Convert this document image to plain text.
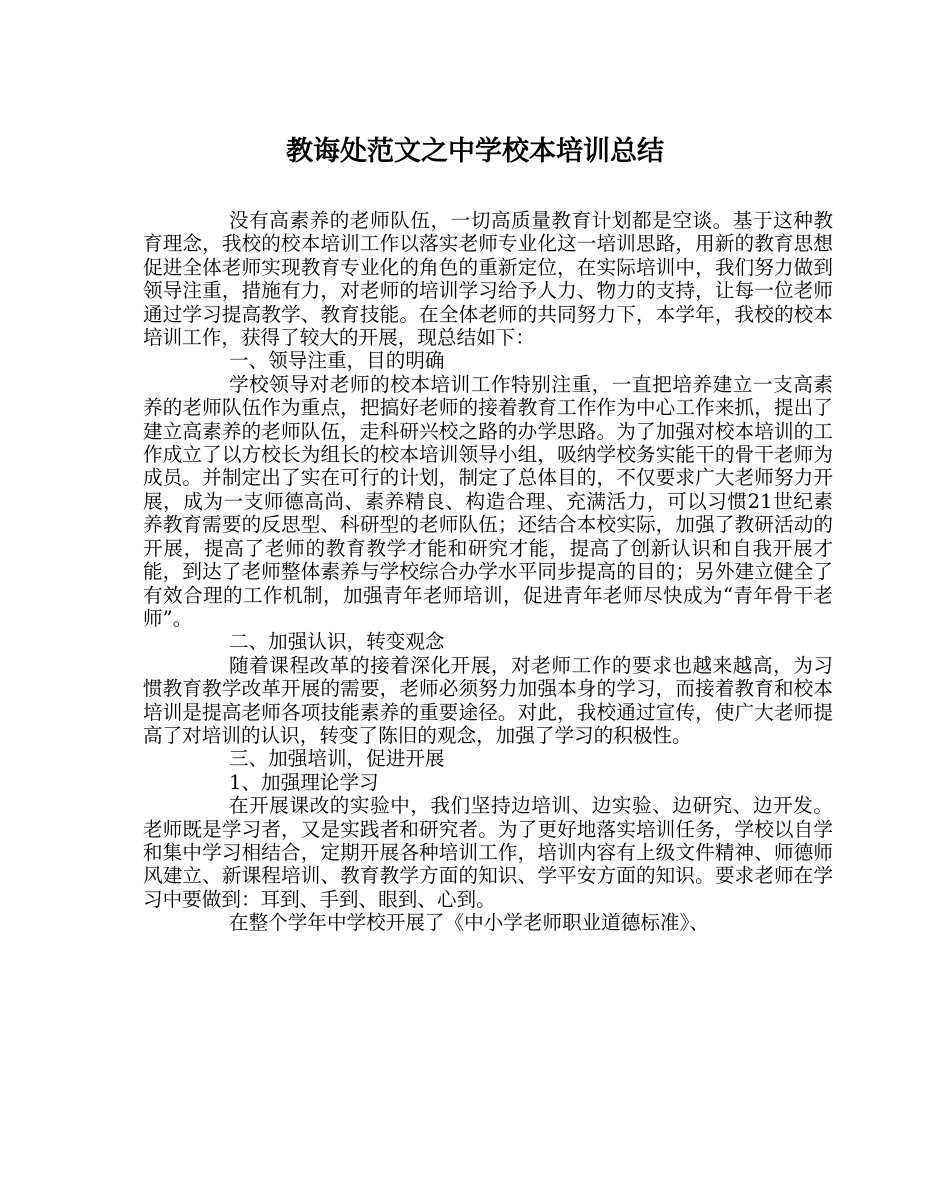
教诲处范文之中学校本培训总结

没有高素养的老师队伍，一切高质量教育计划都是空谈。基于这种教育理念，我校的校本培训工作以落实老师专业化这一培训思路，用新的教育思想促进全体老师实现教育专业化的角色的重新定位，在实际培训中，我们努力做到领导注重，措施有力，对老师的培训学习给予人力、物力的支持，让每一位老师通过学习提高教学、教育技能。在全体老师的共同努力下，本学年，我校的校本培训工作，获得了较大的开展，现总结如下：

一、领导注重，目的明确

学校领导对老师的校本培训工作特别注重，一直把培养建立一支高素养的老师队伍作为重点，把搞好老师的接着教育工作作为中心工作来抓，提出了建立高素养的老师队伍，走科研兴校之路的办学思路。为了加强对校本培训的工作成立了以方校长为组长的校本培训领导小组，吸纳学校务实能干的骨干老师为成员。并制定出了实在可行的计划，制定了总体目的，不仅要求广大老师努力开展，成为一支师德高尚、素养精良、构造合理、充满活力，可以习惯21世纪素养教育需要的反思型、科研型的老师队伍；还结合本校实际，加强了教研活动的开展，提高了老师的教育教学才能和研究才能，提高了创新认识和自我开展才能，到达了老师整体素养与学校综合办学水平同步提高的目的；另外建立健全了有效合理的工作机制，加强青年老师培训，促进青年老师尽快成为“青年骨干老师”。

二、加强认识，转变观念

随着课程改革的接着深化开展，对老师工作的要求也越来越高，为习惯教育教学改革开展的需要，老师必须努力加强本身的学习，而接着教育和校本培训是提高老师各项技能素养的重要途径。对此，我校通过宣传，使广大老师提高了对培训的认识，转变了陈旧的观念，加强了学习的积极性。

三、加强培训，促进开展

1、加强理论学习

在开展课改的实验中，我们坚持边培训、边实验、边研究、边开发。老师既是学习者，又是实践者和研究者。为了更好地落实培训任务，学校以自学和集中学习相结合，定期开展各种培训工作，培训内容有上级文件精神、师德师风建立、新课程培训、教育教学方面的知识、学平安方面的知识。要求老师在学习中要做到：耳到、手到、眼到、心到。

在整个学年中学校开展了《中小学老师职业道德标准》、
